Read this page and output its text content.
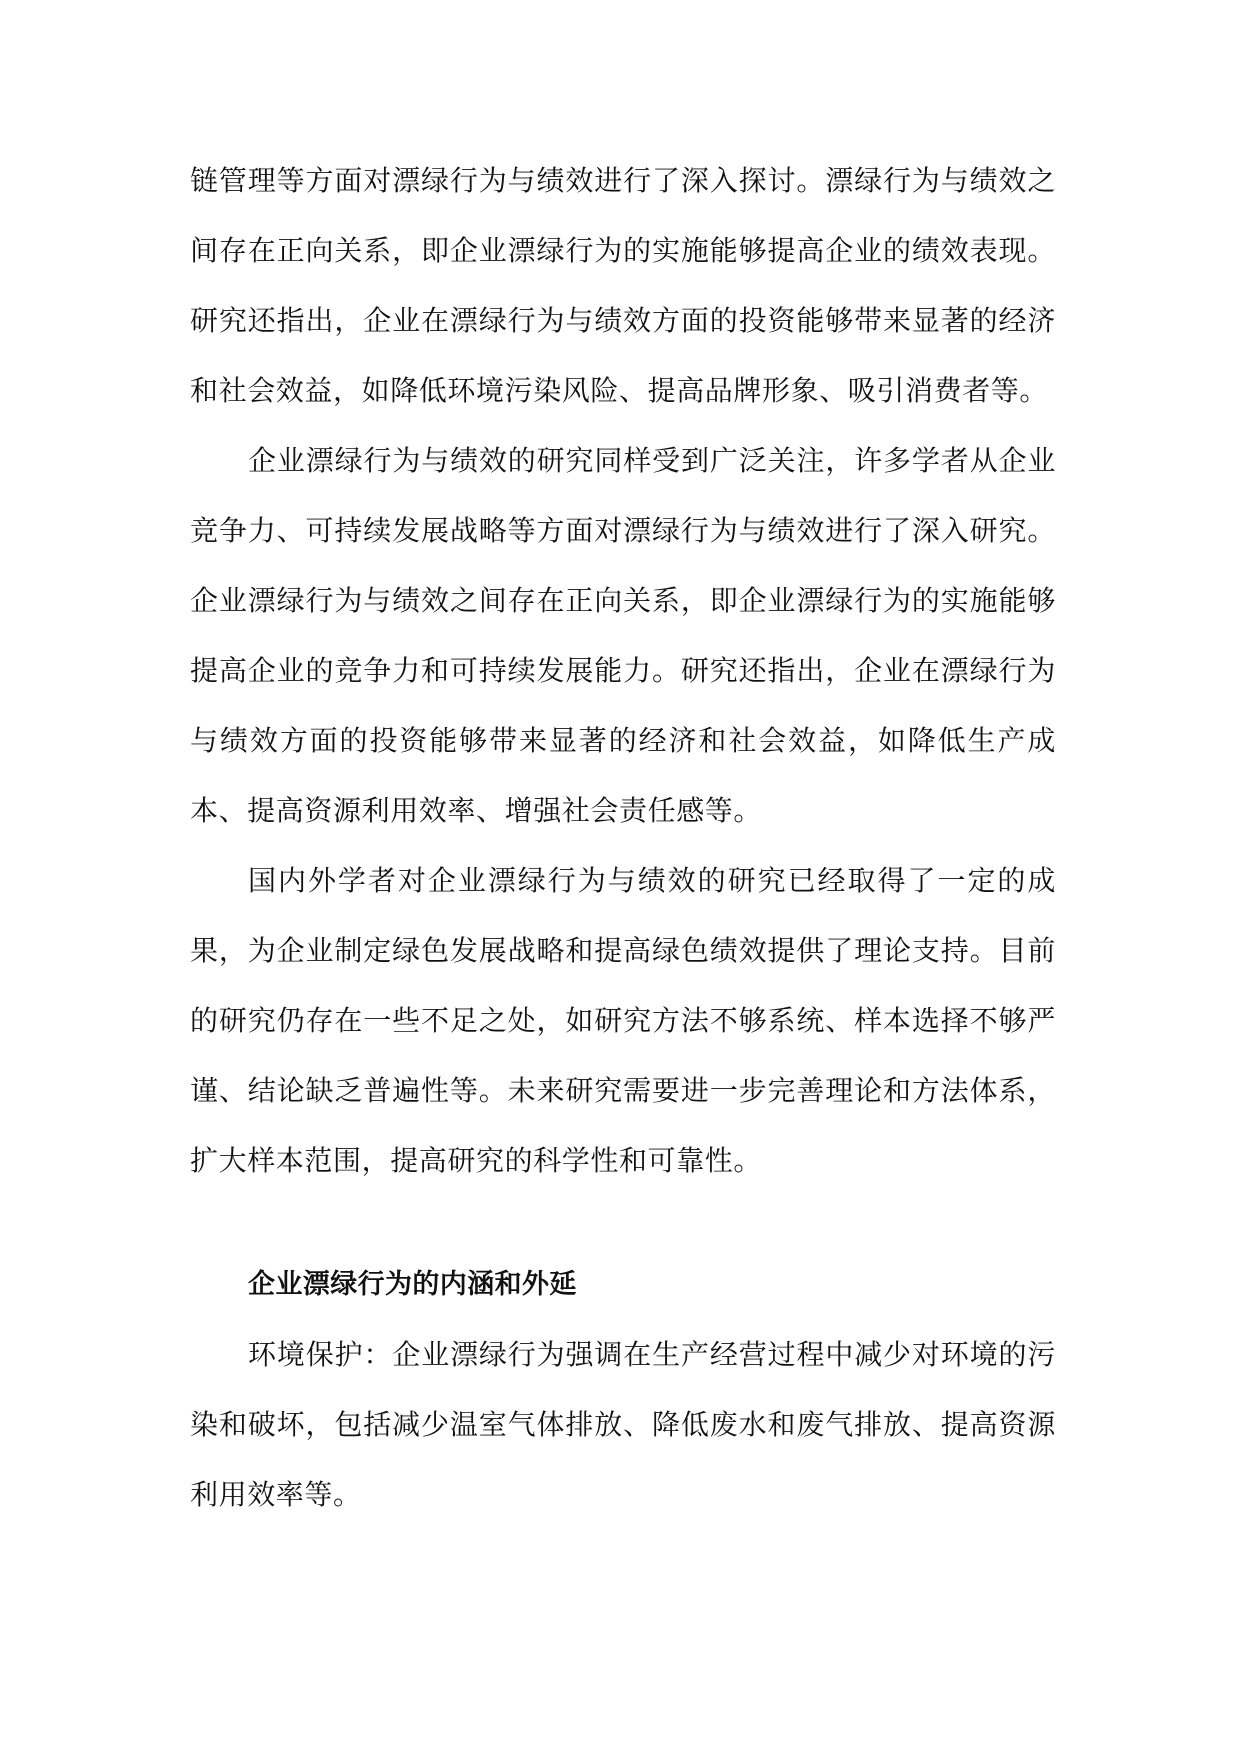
链管理等方面对漂绿行为与绩效进行了深入探讨。漂绿行为与绩效之间存在正向关系，即企业漂绿行为的实施能够提高企业的绩效表现。研究还指出，企业在漂绿行为与绩效方面的投资能够带来显著的经济和社会效益，如降低环境污染风险、提高品牌形象、吸引消费者等。

企业漂绿行为与绩效的研究同样受到广泛关注，许多学者从企业竞争力、可持续发展战略等方面对漂绿行为与绩效进行了深入研究。企业漂绿行为与绩效之间存在正向关系，即企业漂绿行为的实施能够提高企业的竞争力和可持续发展能力。研究还指出，企业在漂绿行为与绩效方面的投资能够带来显著的经济和社会效益，如降低生产成本、提高资源利用效率、增强社会责任感等。

国内外学者对企业漂绿行为与绩效的研究已经取得了一定的成果，为企业制定绿色发展战略和提高绿色绩效提供了理论支持。目前的研究仍存在一些不足之处，如研究方法不够系统、样本选择不够严谨、结论缺乏普遍性等。未来研究需要进一步完善理论和方法体系，扩大样本范围，提高研究的科学性和可靠性。

企业漂绿行为的内涵和外延

环境保护：企业漂绿行为强调在生产经营过程中减少对环境的污染和破坏，包括减少温室气体排放、降低废水和废气排放、提高资源利用效率等。
